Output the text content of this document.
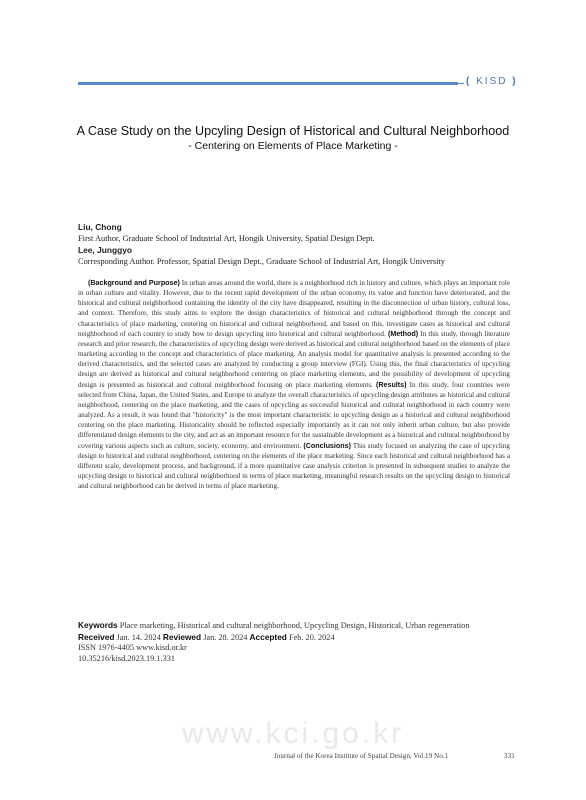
( KISD )
A Case Study on the Upcyling Design of Historical and Cultural Neighborhood
- Centering on Elements of Place Marketing -
Liu, Chong
First Author, Graduate School of Industrial Art, Hongik University, Spatial Design Dept.
Lee, Junggyo
Corresponding Author. Professor, Spatial Design Dept., Graduate School of Industrial Art, Hongik University
(Background and Purpose) In urban areas around the world, there is a neighborhood rich in history and culture, which plays an important role in urban culture and vitality. However, due to the recent rapid development of the urban economy, its value and function have deteriorated, and the historical and cultural neighborhood containing the identity of the city have disappeared, resulting in the disconnection of urban history, cultural loss, and context. Therefore, this study aims to explore the design characteristics of historical and cultural neighborhood through the concept and characteristics of place marketing, centering on historical and cultural neighborhood, and based on this, investigate cases as historical and cultural neighborhood of each country to study how to design upcycling into historical and cultural neighborhood. (Method) In this study, through literature research and prior research, the characteristics of upcycling design were derived as historical and cultural neighborhood based on the elements of place marketing according to the concept and characteristics of place marketing. An analysis model for quantitative analysis is presented according to the derived characteristics, and the selected cases are analyzed by conducting a group interview (FGI). Using this, the final characteristics of upcycling design are derived as historical and cultural neighborhood centering on place marketing elements, and the possibility of development of upcycling design is presented as historical and cultural neighborhood focusing on place marketing elements. (Results) In this study, four countries were selected from China, Japan, the United States, and Europe to analyze the overall characteristics of upcycling design attributes as historical and cultural neighborhood, centering on the place marketing, and the cases of upcycling as successful historical and cultural neighborhood in each country were analyzed. As a result, it was found that "historicity" is the most important characteristic in upcycling design as a historical and cultural neighborhood centering on the place marketing. Historicality should be reflected especially importantly as it can not only inherit urban culture, but also provide differentiated design elements to the city, and act as an important resource for the sustainable development as a historical and cultural neighborhood by covering various aspects such as culture, society, economy, and environment. (Conclusions) This study focused on analyzing the case of upcycling design to historical and cultural neighborhood, centering on the elements of the place marketing. Since each historical and cultural neighborhood has a different scale, development process, and background, if a more quantitative case analysis criterion is presented in subsequent studies to analyze the upcycling design to historical and cultural neighborhood in terms of place marketing, meaningful research results on the upcycling design to historical and cultural neighborhood can be derived in terms of place marketing.
Keywords Place marketing, Historical and cultural neighborhood, Upcycling Design, Historical, Urban regeneration
Received Jan. 14. 2024 Reviewed Jan. 28. 2024 Accepted Feb. 20. 2024
ISSN 1976-4405 www.kisd.or.kr
10.35216/kisd.2023.19.1.331
www.kci.go.kr
Journal of the Korea Institute of Spatial Design, Vol.19 No.1	331
